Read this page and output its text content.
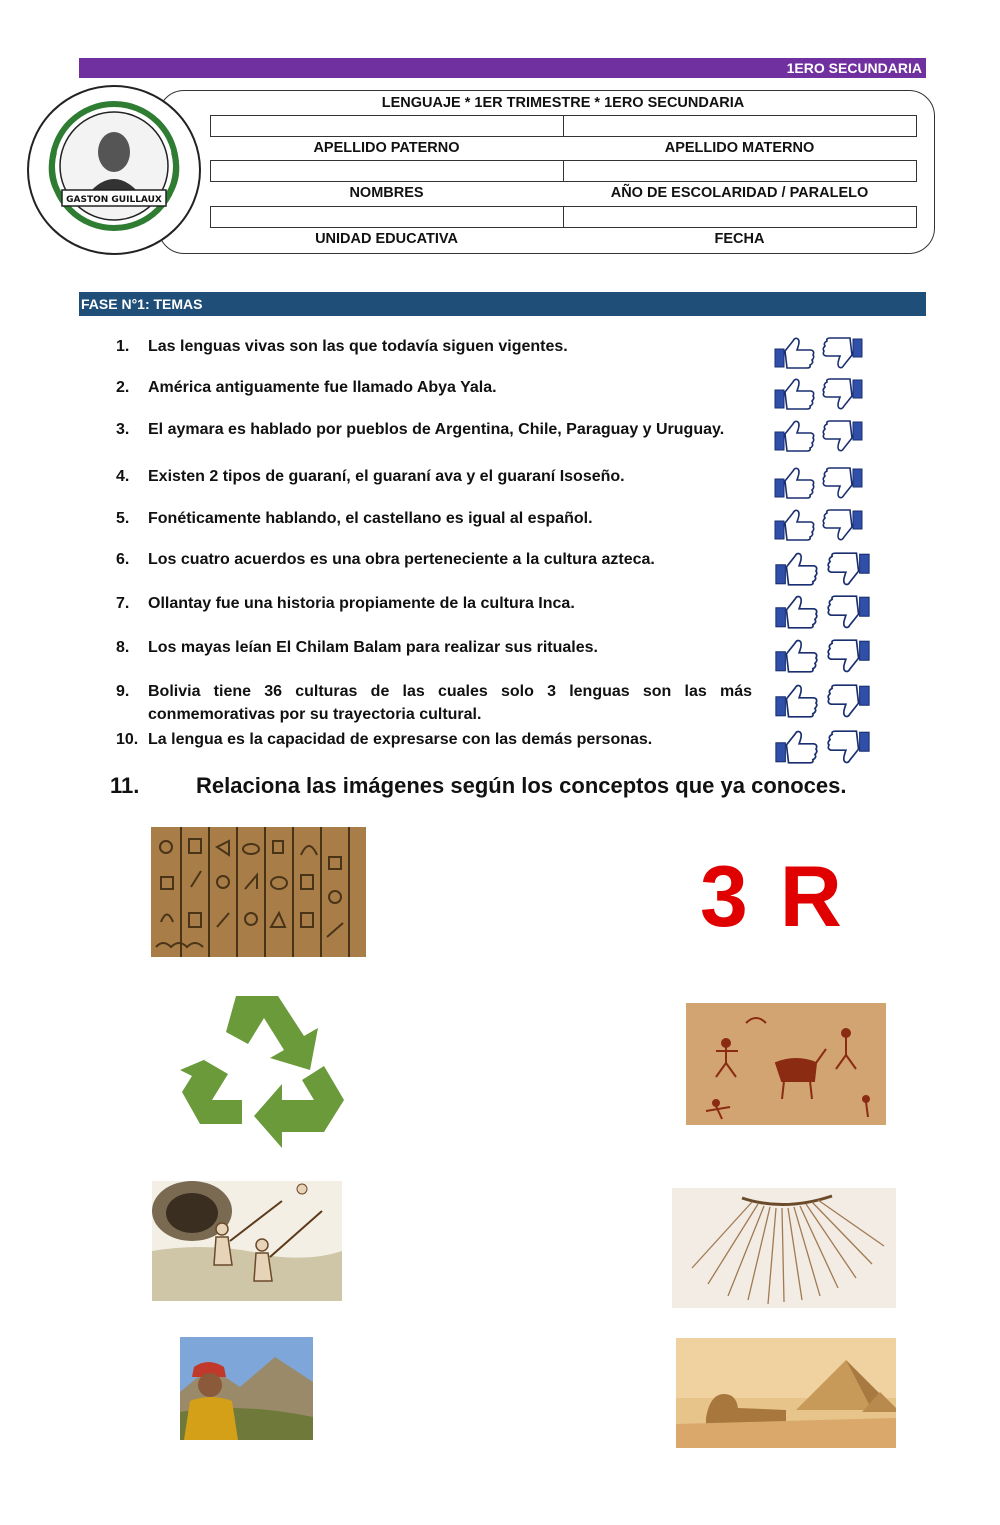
1ERO SECUNDARIA
LENGUAJE * 1ER TRIMESTRE * 1ERO SECUNDARIA
APELLIDO PATERNO	APELLIDO MATERNO
NOMBRES	AÑO DE ESCOLARIDAD / PARALELO
UNIDAD EDUCATIVA	FECHA
GASTON GUILLAUX
FASE N°1: TEMAS
1.	Las lenguas vivas son las que todavía siguen vigentes.
2.	América antiguamente fue llamado Abya Yala.
3.	El aymara es hablado por pueblos de Argentina, Chile, Paraguay y Uruguay.
4.	Existen 2 tipos de guaraní, el guaraní ava y el guaraní Isoseño.
5.	Fonéticamente hablando, el castellano es igual al español.
6.	Los cuatro acuerdos es una obra perteneciente a la cultura azteca.
7.	Ollantay fue una historia propiamente de la cultura Inca.
8.	Los mayas leían El Chilam Balam para realizar sus rituales.
9.	Bolivia tiene 36 culturas de las cuales solo 3 lenguas son las más conmemorativas por su trayectoria cultural.
10. La lengua es la capacidad de expresarse con las demás personas.
11.	Relaciona las imágenes según los conceptos que ya conoces.
3 R
